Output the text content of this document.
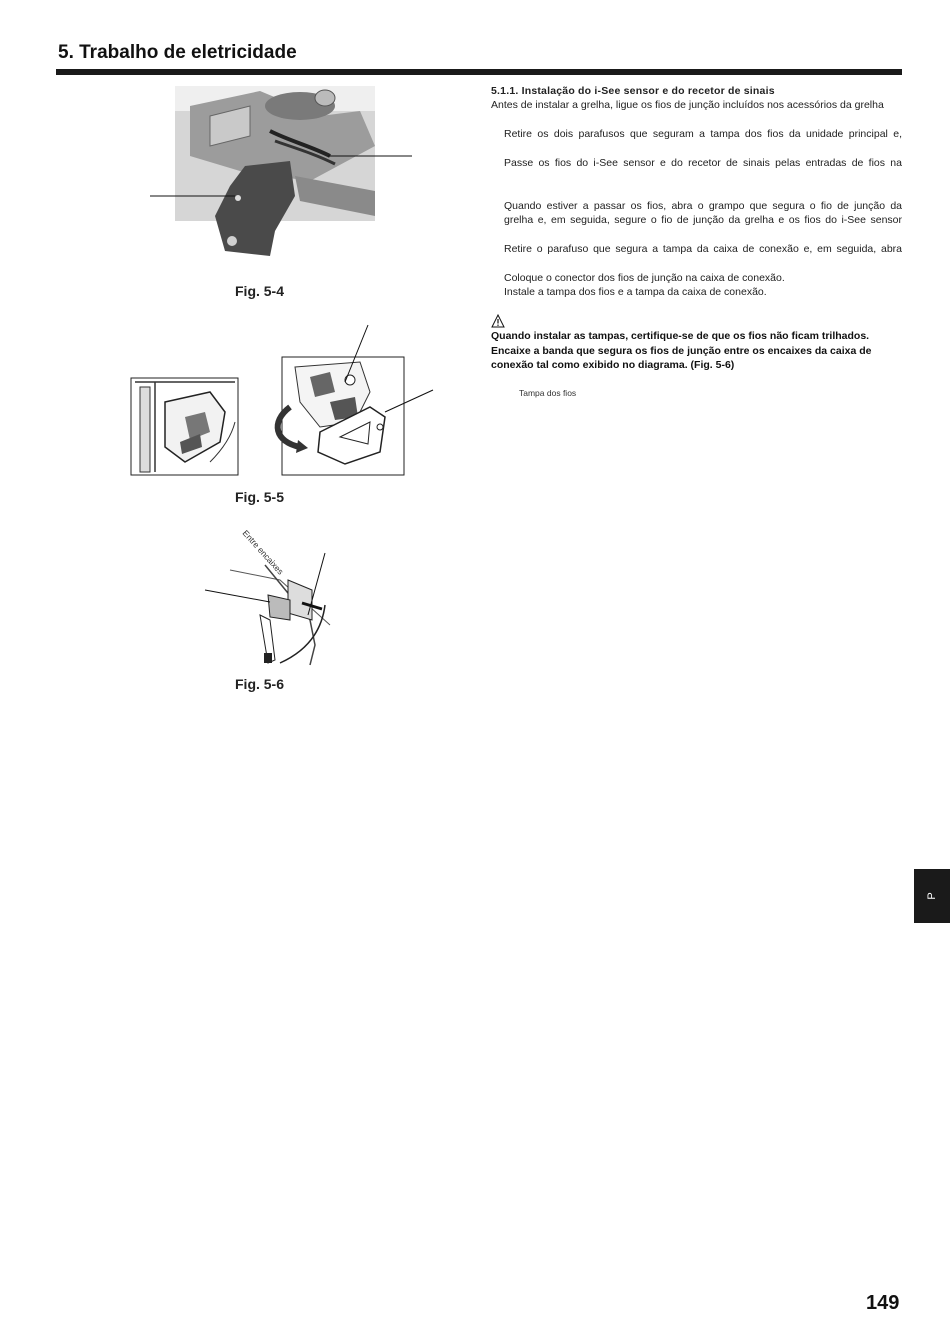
5. Trabalho de eletricidade
Fig. 5-4
Fig. 5-5
Entre encaixes
Fig. 5-6
5.1.1. Instalação do i-See sensor e do recetor de sinais
Antes de instalar a grelha, ligue os fios de junção incluídos nos acessórios da grelha
Retire os dois parafusos que seguram a tampa dos fios da unidade principal e,
Passe os fios do i-See sensor e do recetor de sinais pelas entradas de fios na
Quando estiver a passar os fios, abra o grampo que segura o fio de junção da
grelha e, em seguida, segure o fio de junção da grelha e os fios do i-See sensor
Retire o parafuso que segura a tampa da caixa de conexão e, em seguida, abra
Coloque o conector dos fios de junção na caixa de conexão.
Instale a tampa dos fios e a tampa da caixa de conexão.
Quando instalar as tampas, certifique-se de que os fios não ficam trilhados.
Encaixe a banda que segura os fios de junção entre os encaixes da caixa de
conexão tal como exibido no diagrama. (Fig. 5-6)
Tampa dos fios
P
149
